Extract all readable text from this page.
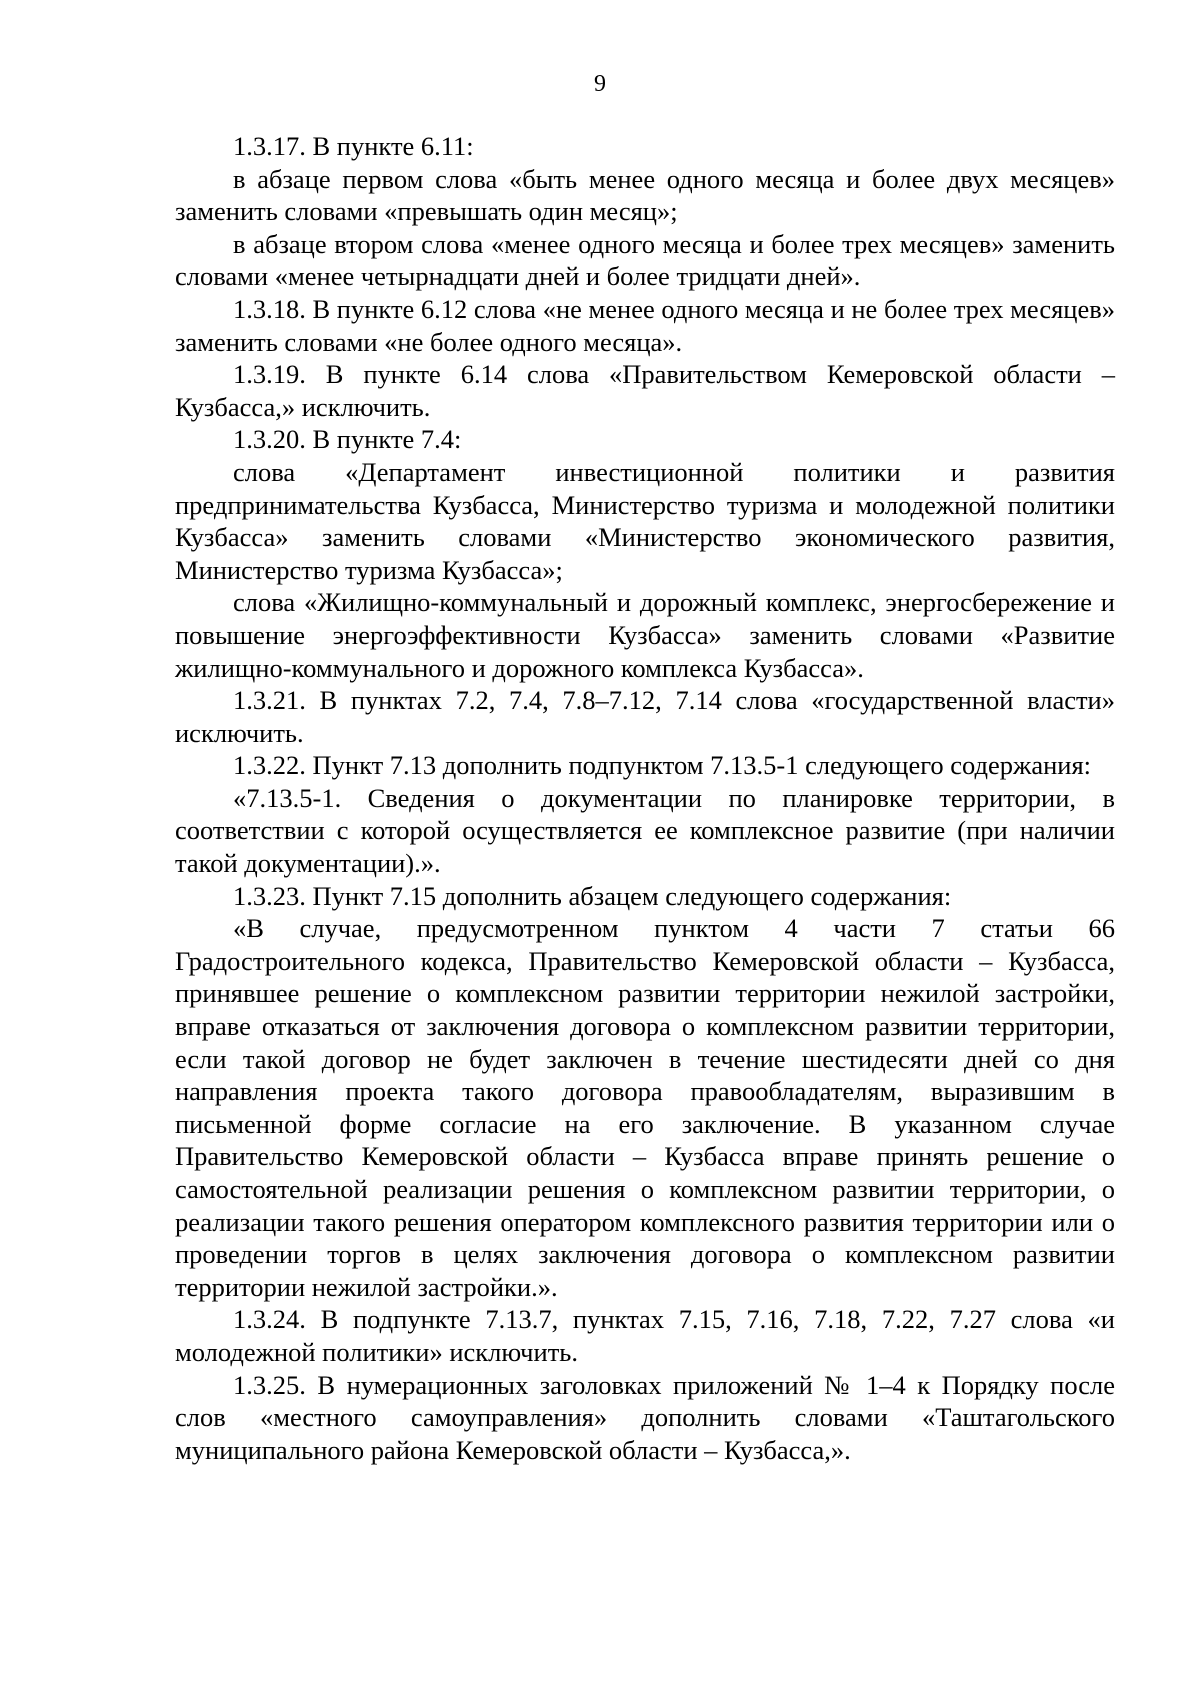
9

1.3.17. В пункте 6.11:

в абзаце первом слова «быть менее одного месяца и более двух месяцев» заменить словами «превышать один месяц»;

в абзаце втором слова «менее одного месяца и более трех месяцев» заменить словами «менее четырнадцати дней и более тридцати дней».

1.3.18. В пункте 6.12 слова «не менее одного месяца и не более трех месяцев» заменить словами «не более одного месяца».

1.3.19. В пункте 6.14 слова «Правительством Кемеровской области – Кузбасса,» исключить.

1.3.20. В пункте 7.4:

слова «Департамент инвестиционной политики и развития предпринимательства Кузбасса, Министерство туризма и молодежной политики Кузбасса» заменить словами «Министерство экономического развития, Министерство туризма Кузбасса»;

слова «Жилищно-коммунальный и дорожный комплекс, энергосбережение и повышение энергоэффективности Кузбасса» заменить словами «Развитие жилищно-коммунального и дорожного комплекса Кузбасса».

1.3.21. В пунктах 7.2, 7.4, 7.8–7.12, 7.14 слова «государственной власти» исключить.

1.3.22. Пункт 7.13 дополнить подпунктом 7.13.5-1 следующего содержания:

«7.13.5-1. Сведения о документации по планировке территории, в соответствии с которой осуществляется ее комплексное развитие (при наличии такой документации).».

1.3.23. Пункт 7.15 дополнить абзацем следующего содержания:

«В случае, предусмотренном пунктом 4 части 7 статьи 66 Градостроительного кодекса, Правительство Кемеровской области – Кузбасса, принявшее решение о комплексном развитии территории нежилой застройки, вправе отказаться от заключения договора о комплексном развитии территории, если такой договор не будет заключен в течение шестидесяти дней со дня направления проекта такого договора правообладателям, выразившим в письменной форме согласие на его заключение. В указанном случае Правительство Кемеровской области – Кузбасса вправе принять решение о самостоятельной реализации решения о комплексном развитии территории, о реализации такого решения оператором комплексного развития территории или о проведении торгов в целях заключения договора о комплексном развитии территории нежилой застройки.».

1.3.24. В подпункте 7.13.7, пунктах 7.15, 7.16, 7.18, 7.22, 7.27 слова «и молодежной политики» исключить.

1.3.25. В нумерационных заголовках приложений № 1–4 к Порядку после слов «местного самоуправления» дополнить словами «Таштагольского муниципального района Кемеровской области – Кузбасса,».
